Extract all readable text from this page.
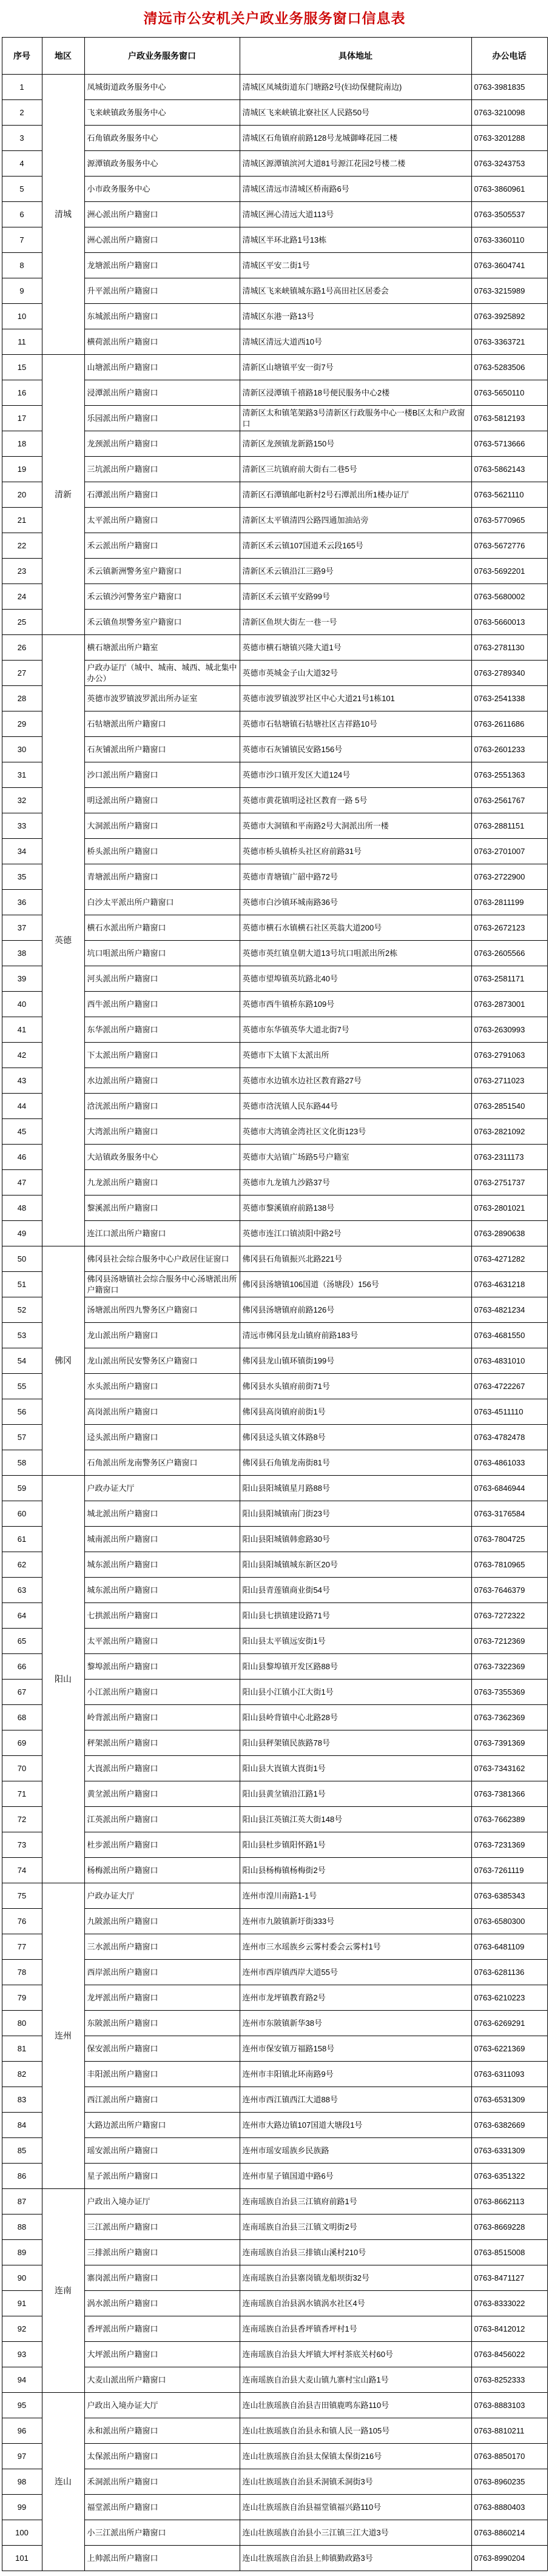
清远市公安机关户政业务服务窗口信息表
序号	地区	户政业务服务窗口	具体地址	办公电话
1	清城	凤城街道政务服务中心	清城区凤城街道东门塘路2号(妇幼保健院南边)	0763-3981835
2		飞来峡镇政务服务中心	清城区飞来峡镇北寮社区人民路50号	0763-3210098
3		石角镇政务服务中心	清城区石角镇府前路128号龙城御峰花园二楼	0763-3201288
4		源潭镇政务服务中心	清城区源潭镇滨河大道81号源江花园2号楼二楼	0763-3243753
5		小市政务服务中心	清城区清远市清城区桥南路6号	0763-3860961
6		洲心派出所户籍窗口	清城区洲心清远大道113号	0763-3505537
7		洲心派出所户籍窗口	清城区半环北路1号13栋	0763-3360110
8		龙塘派出所户籍窗口	清城区平安二街1号	0763-3604741
9		升平派出所户籍窗口	清城区飞来峡镇城东路1号高田社区居委会	0763-3215989
10		东城派出所户籍窗口	清城区东港一路13号	0763-3925892
11		横荷派出所户籍窗口	清城区清远大道西10号	0763-3363721
15	清新	山塘派出所户籍窗口	清新区山塘镇平安一街7号	0763-5283506
16		浸潭派出所户籍窗口	清新区浸潭镇千禧路18号便民服务中心2楼	0763-5650110
17		乐园派出所户籍窗口	清新区太和镇笔架路3号清新区行政服务中心一楼B区太和户政窗口	0763-5812193
18		龙颈派出所户籍窗口	清新区龙颈镇龙新路150号	0763-5713666
19		三坑派出所户籍窗口	清新区三坑镇府前大街右二巷5号	0763-5862143
20		石潭派出所户籍窗口	清新区石潭镇邮电新村2号石潭派出所1楼办证厅	0763-5621110
21		太平派出所户籍窗口	清新区太平镇清四公路四通加油站旁	0763-5770965
22		禾云派出所户籍窗口	清新区禾云镇107国道禾云段165号	0763-5672776
23		禾云镇新洲警务室户籍窗口	清新区禾云镇沿江三路9号	0763-5692201
24		禾云镇沙河警务室户籍窗口	清新区禾云镇平安路99号	0763-5680002
25		禾云镇鱼坝警务室户籍窗口	清新区鱼坝大街左一巷一号	0763-5660013
26	英德	横石塘派出所户籍室	英德市横石塘镇兴隆大道1号	0763-2781130
27		户政办证厅（城中、城南、城西、城北集中办公）	英德市英城金子山大道32号	0763-2789340
28		英德市波罗镇波罗派出所办证室	英德市波罗镇波罗社区中心大道21号1栋101	0763-2541338
29		石牯塘派出所户籍窗口	英德市石牯塘镇石牯塘社区吉祥路10号	0763-2611686
30		石灰铺派出所户籍窗口	英德市石灰铺镇民安路156号	0763-2601233
31		沙口派出所户籍窗口	英德市沙口镇开发区大道124号	0763-2551363
32		明迳派出所户籍窗口	英德市黄花镇明迳社区教育一路 5号	0763-2561767
33		大洞派出所户籍窗口	英德市大洞镇和平南路2号大洞派出所一楼	0763-2881151
34		桥头派出所户籍窗口	英德市桥头镇桥头社区府前路31号	0763-2701007
35		青塘派出所户籍窗口	英德市青塘镇广韶中路72号	0763-2722900
36		白沙太平派出所户籍窗口	英德市白沙镇环城南路36号	0763-2811199
37		横石水派出所户籍窗口	英德市横石水镇横石社区英翁大道200号	0763-2672123
38		坑口咀派出所户籍窗口	英德市英红镇皇朝大道13号坑口咀派出所2栋	0763-2605566
39		河头派出所户籍窗口	英德市望埠镇英坑路北40号	0763-2581171
40		西牛派出所户籍窗口	英德市西牛镇桥东路109号	0763-2873001
41		东华派出所户籍窗口	英德市东华镇英华大道北街7号	0763-2630993
42		下太派出所户籍窗口	英德市下太镇下太派出所	0763-2791063
43		水边派出所户籍窗口	英德市水边镇水边社区教育路27号	0763-2711023
44		浛洸派出所户籍窗口	英德市浛洸镇人民东路44号	0763-2851540
45		大湾派出所户籍窗口	英德市大湾镇金湾社区文化街123号	0763-2821092
46		大站镇政务服务中心	英德市大站镇广场路5号户籍室	0763-2311173
47		九龙派出所户籍窗口	英德市九龙镇九沙路37号	0763-2751737
48		黎溪派出所户籍窗口	英德市黎溪镇府前路138号	0763-2801021
49		连江口派出所户籍窗口	英德市连江口镇浈阳中路2号	0763-2890638
50	佛冈	佛冈县社会综合服务中心户政居住证窗口	佛冈县石角镇振兴北路221号	0763-4271282
51		佛冈县汤塘镇社会综合服务中心汤塘派出所户籍窗口	佛冈县汤塘镇106国道（汤塘段）156号	0763-4631218
52		汤塘派出所四九警务区户籍窗口	佛冈县汤塘镇府前路126号	0763-4821234
53		龙山派出所户籍窗口	清远市佛冈县龙山镇府前路183号	0763-4681550
54		龙山派出所民安警务区户籍窗口	佛冈县龙山镇环镇街199号	0763-4831010
55		水头派出所户籍窗口	佛冈县水头镇府前街71号	0763-4722267
56		高岗派出所户籍窗口	佛冈县高岗镇府前街1号	0763-4511110
57		迳头派出所户籍窗口	佛冈县迳头镇文体路8号	0763-4782478
58		石角派出所龙南警务区户籍窗口	佛冈县石角镇龙南街81号	0763-4861033
59	阳山	户政办证大厅	阳山县阳城镇星月路88号	0763-6846944
60		城北派出所户籍窗口	阳山县阳城镇南门街23号	0763-3176584
61		城南派出所户籍窗口	阳山县阳城镇韩愈路30号	0763-7804725
62		城东派出所户籍窗口	阳山县阳城镇城东新区20号	0763-7810965
63		城东派出所户籍窗口	阳山县青莲镇商业街54号	0763-7646379
64		七拱派出所户籍窗口	阳山县七拱镇建设路71号	0763-7272322
65		太平派出所户籍窗口	阳山县太平镇远安街1号	0763-7212369
66		黎埠派出所户籍窗口	阳山县黎埠镇开发区路88号	0763-7322369
67		小江派出所户籍窗口	阳山县小江镇小江大街1号	0763-7355369
68		岭背派出所户籍窗口	阳山县岭背镇中心北路28号	0763-7362369
69		秤架派出所户籍窗口	阳山县秤架镇民族路78号	0763-7391369
70		大崀派出所户籍窗口	阳山县大崀镇大崀街1号	0763-7343162
71		黄坌派出所户籍窗口	阳山县黄坌镇沿江路1号	0763-7381366
72		江英派出所户籍窗口	阳山县江英镇江英大街148号	0763-7662389
73		杜步派出所户籍窗口	阳山县杜步镇阳怀路1号	0763-7231369
74		杨梅派出所户籍窗口	阳山县杨梅镇杨梅街2号	0763-7261119
75	连州	户政办证大厅	连州市湟川南路1-1号	0763-6385343
76		九陂派出所户籍窗口	连州市九陂镇新圩街333号	0763-6580300
77		三水派出所户籍窗口	连州市三水瑶族乡云雾村委会云雾村1号	0763-6481109
78		西岸派出所户籍窗口	连州市西岸镇西岸大道55号	0763-6281136
79		龙坪派出所户籍窗口	连州市龙坪镇教育路2号	0763-6210223
80		东陂派出所户籍窗口	连州市东陂镇新华38号	0763-6269291
81		保安派出所户籍窗口	连州市保安镇万福路158号	0763-6221369
82		丰阳派出所户籍窗口	连州市丰阳镇北环南路9号	0763-6311093
83		西江派出所户籍窗口	连州市西江镇西江大道88号	0763-6531309
84		大路边派出所户籍窗口	连州市大路边镇107国道大塘段1号	0763-6382669
85		瑶安派出所户籍窗口	连州市瑶安瑶族乡民族路	0763-6331309
86		星子派出所户籍窗口	连州市星子镇国道中路6号	0763-6351322
87	连南	户政出入境办证厅	连南瑶族自治县三江镇府前路1号	0763-8662113
88		三江派出所户籍窗口	连南瑶族自治县三江镇文明街2号	0763-8669228
89		三排派出所户籍窗口	连南瑶族自治县三排镇山溪村210号	0763-8515008
90		寨岗派出所户籍窗口	连南瑶族自治县寨岗镇龙船坝街32号	0763-8471127
91		涡水派出所户籍窗口	连南瑶族自治县涡水镇涡水社区4号	0763-8333022
92		香坪派出所户籍窗口	连南瑶族自治县香坪镇香坪村1号	0763-8412012
93		大坪派出所户籍窗口	连南瑶族自治县大坪镇大坪村茶底关村60号	0763-8456022
94		大麦山派出所户籍窗口	连南瑶族自治县大麦山镇九寨村宝山路1号	0763-8252333
95	连山	户政出入境办证大厅	连山壮族瑶族自治县吉田镇鹿鸣东路110号	0763-8883103
96		永和派出所户籍窗口	连山壮族瑶族自治县永和镇人民一路105号	0763-8810211
97		太保派出所户籍窗口	连山壮族瑶族自治县太保镇太保街216号	0763-8850170
98		禾洞派出所户籍窗口	连山壮族瑶族自治县禾洞镇禾洞街3号	0763-8960235
99		福堂派出所户籍窗口	连山壮族瑶族自治县福堂镇福兴路110号	0763-8880403
100		小三江派出所户籍窗口	连山壮族瑶族自治县小三江镇三江大道3号	0763-8860214
101		上帅派出所户籍窗口	连山壮族瑶族自治县上帅镇勤政路3号	0763-8990204
